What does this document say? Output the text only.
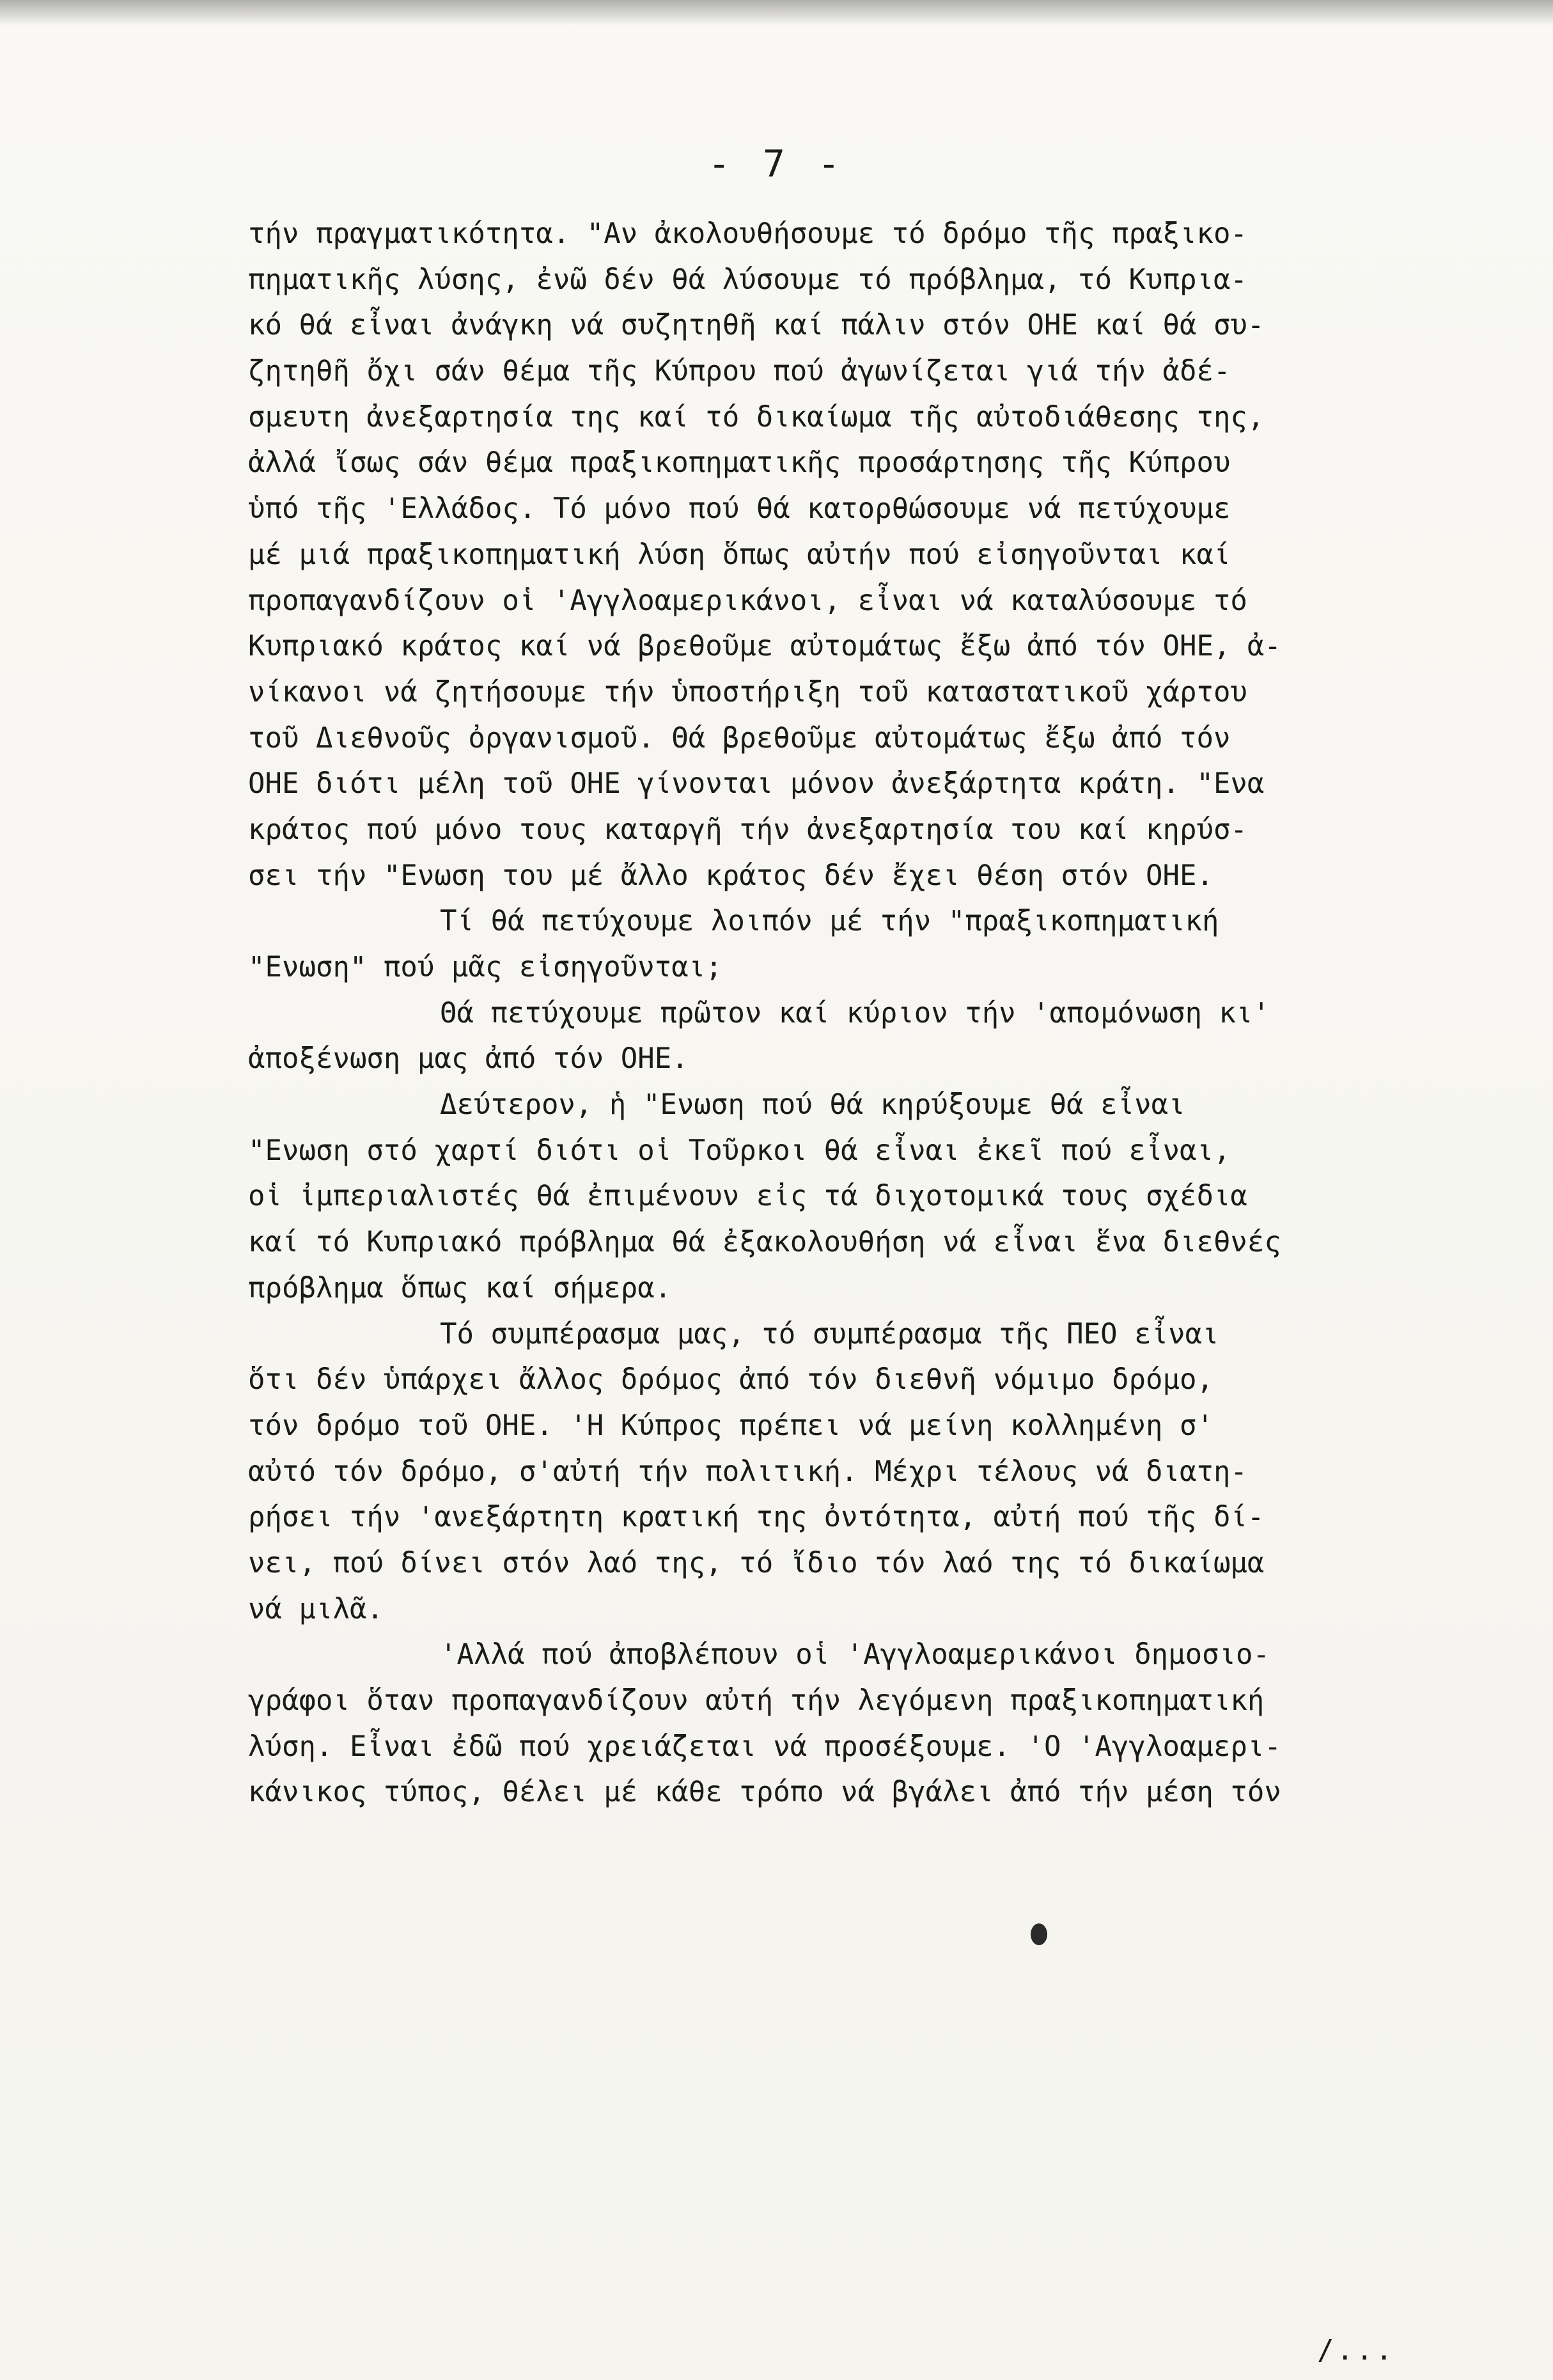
- 7 -
τήν πραγματικότητα. "Αν ἀκολουθήσουμε τό δρόμο τῆς πραξικο-
πηματικῆς λύσης, ἐνῶ δέν θά λύσουμε τό πρόβλημα, τό Κυπρια-
κό θά εἶναι ἀνάγκη νά συζητηθῆ καί πάλιν στόν ΟΗΕ καί θά συ-
ζητηθῆ ὄχι σάν θέμα τῆς Κύπρου πού ἀγωνίζεται γιά τήν ἀδέ-
σμευτη ἀνεξαρτησία της καί τό δικαίωμα τῆς αὐτοδιάθεσης της,
ἀλλά ἴσως σάν θέμα πραξικοπηματικῆς προσάρτησης τῆς Κύπρου
ὑπό τῆς 'Ελλάδος. Τό μόνο πού θά κατορθώσουμε νά πετύχουμε
μέ μιά πραξικοπηματική λύση ὅπως αὐτήν πού εἰσηγοῦνται καί
προπαγανδίζουν οἱ 'Αγγλοαμερικάνοι, εἶναι νά καταλύσουμε τό
Κυπριακό κράτος καί νά βρεθοῦμε αὐτομάτως ἔξω ἀπό τόν ΟΗΕ, ἀ-
νίκανοι νά ζητήσουμε τήν ὑποστήριξη τοῦ καταστατικοῦ χάρτου
τοῦ Διεθνοῦς ὀργανισμοῦ. Θά βρεθοῦμε αὐτομάτως ἔξω ἀπό τόν
ΟΗΕ διότι μέλη τοῦ ΟΗΕ γίνονται μόνον ἀνεξάρτητα κράτη. "Ενα
κράτος πού μόνο τους καταργῆ τήν ἀνεξαρτησία του καί κηρύσ-
σει τήν "Ενωση του μέ ἄλλο κράτος δέν ἔχει θέση στόν ΟΗΕ.
Τί θά πετύχουμε λοιπόν μέ τήν "πραξικοπηματική
"Ενωση" πού μᾶς εἰσηγοῦνται;
Θά πετύχουμε πρῶτον καί κύριον τήν 'απομόνωση κι'
ἀποξένωση μας ἀπό τόν ΟΗΕ.
Δεύτερον, ἡ "Ενωση πού θά κηρύξουμε θά εἶναι
"Ενωση στό χαρτί διότι οἱ Τοῦρκοι θά εἶναι ἐκεῖ πού εἶναι,
οἱ ἰμπεριαλιστές θά ἐπιμένουν εἰς τά διχοτομικά τους σχέδια
καί τό Κυπριακό πρόβλημα θά ἐξακολουθήση νά εἶναι ἕνα διεθνές
πρόβλημα ὅπως καί σήμερα.
Τό συμπέρασμα μας, τό συμπέρασμα τῆς ΠΕΟ εἶναι
ὅτι δέν ὑπάρχει ἄλλος δρόμος ἀπό τόν διεθνῆ νόμιμο δρόμο,
τόν δρόμο τοῦ ΟΗΕ. 'Η Κύπρος πρέπει νά μείνη κολλημένη σ'
αὐτό τόν δρόμο, σ'αὐτή τήν πολιτική. Μέχρι τέλους νά διατη-
ρήσει τήν 'ανεξάρτητη κρατική της ὀντότητα, αὐτή πού τῆς δί-
νει, πού δίνει στόν λαό της, τό ἴδιο τόν λαό της τό δικαίωμα
νά μιλᾶ.
'Αλλά πού ἀποβλέπουν οἱ 'Αγγλοαμερικάνοι δημοσιο-
γράφοι ὅταν προπαγανδίζουν αὐτή τήν λεγόμενη πραξικοπηματική
λύση. Εἶναι ἐδῶ πού χρειάζεται νά προσέξουμε. 'Ο 'Αγγλοαμερι-
κάνικος τύπος, θέλει μέ κάθε τρόπο νά βγάλει ἀπό τήν μέση τόν
/...
